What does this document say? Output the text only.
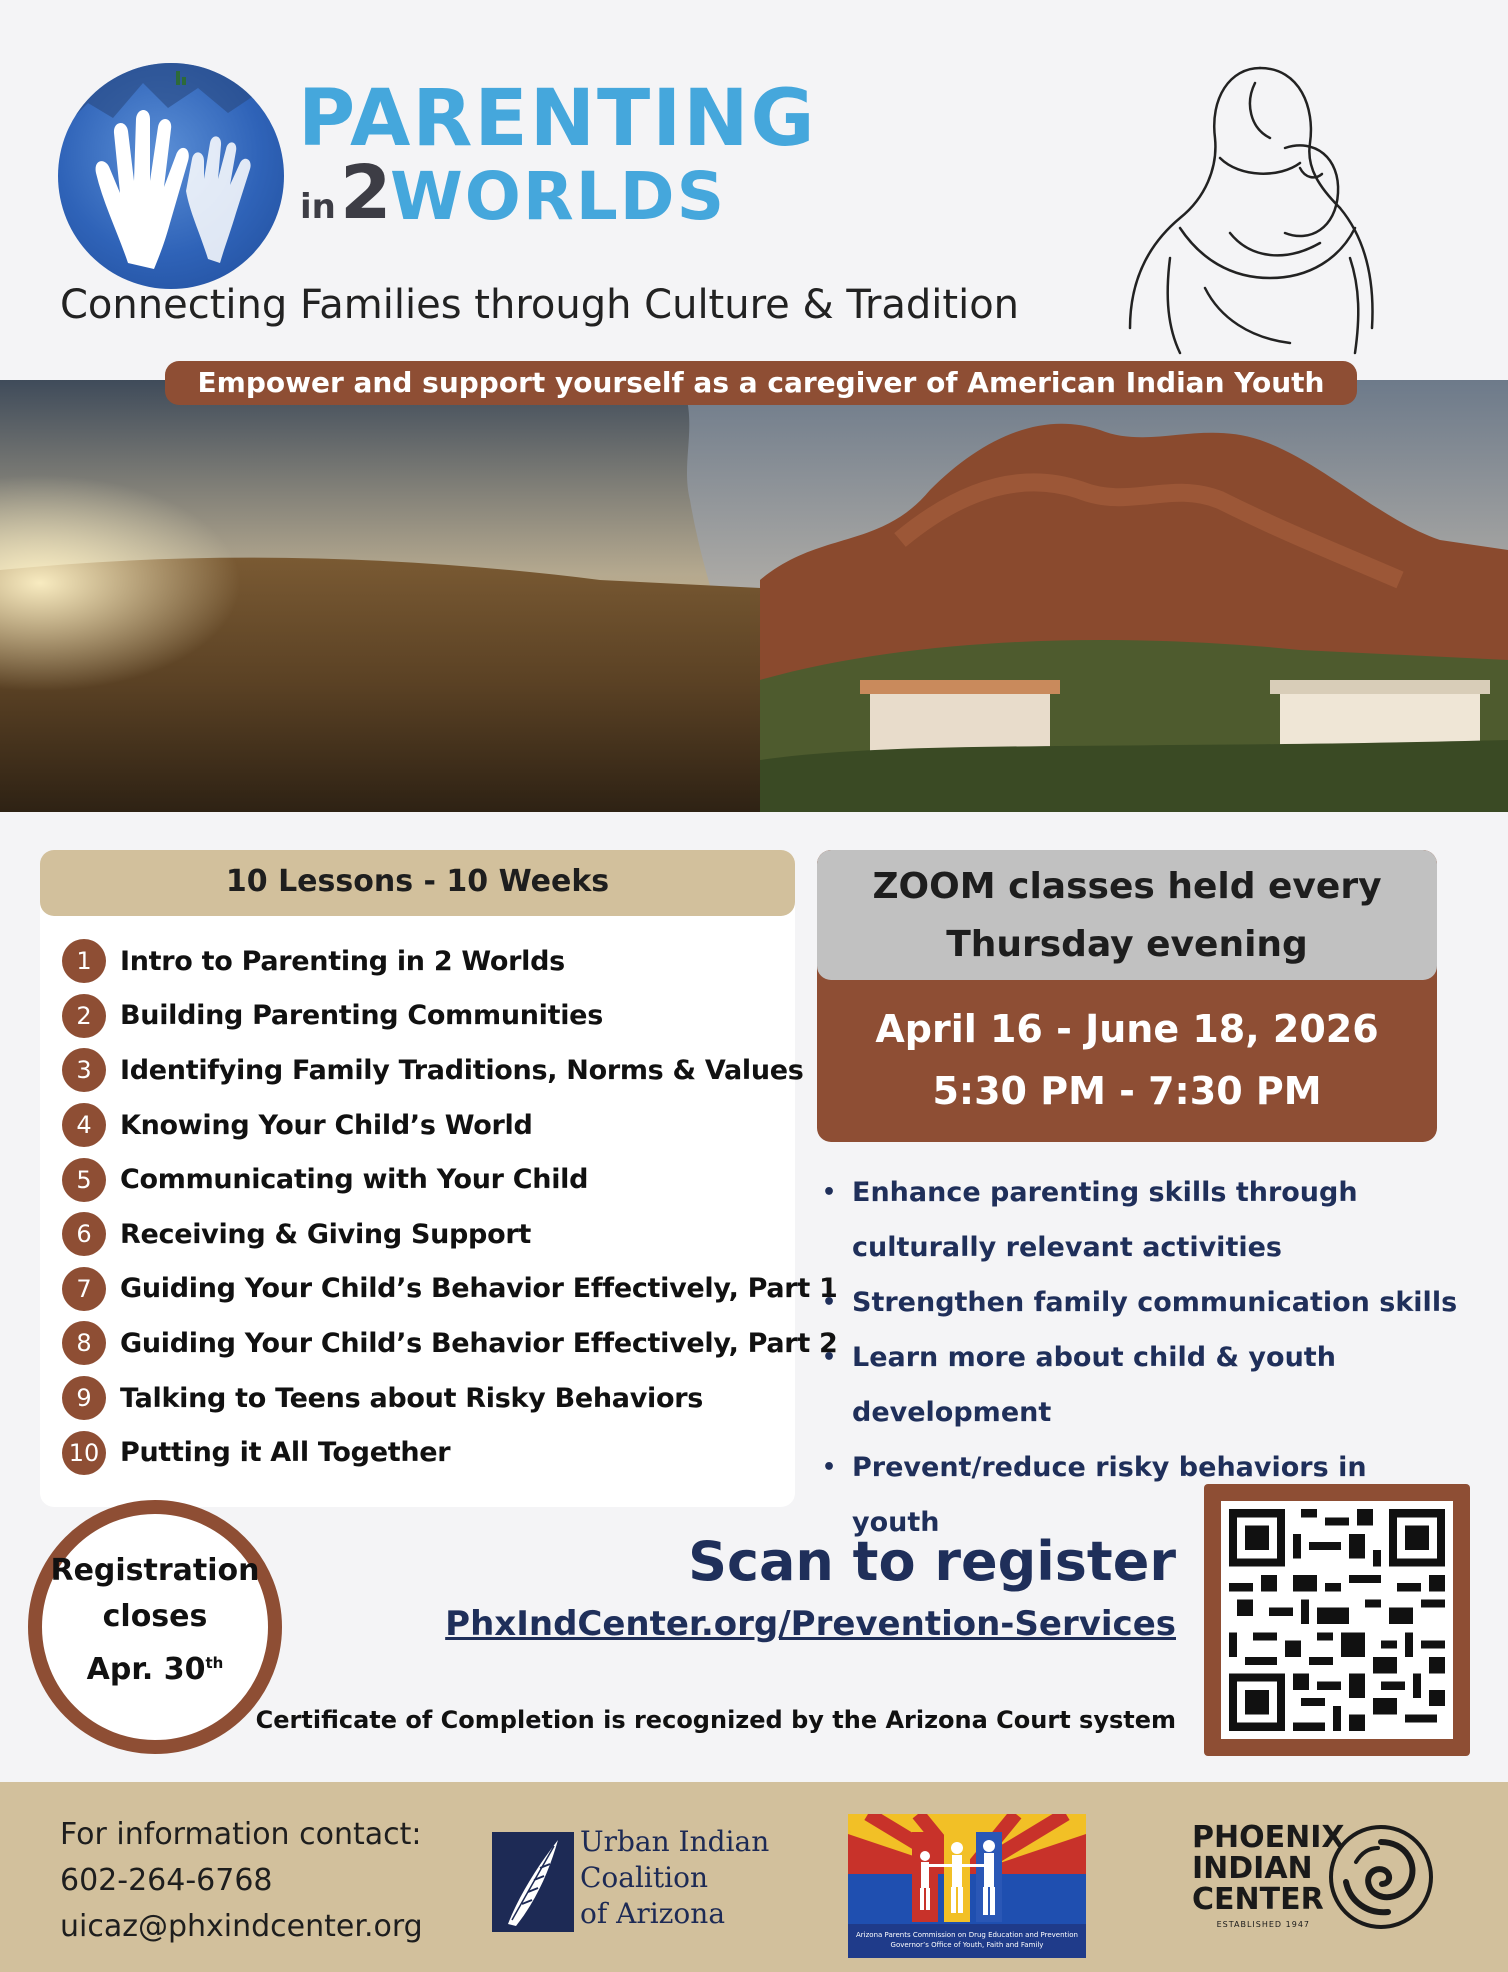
PARENTING
in 2
WORLDS
Connecting Families through Culture & Tradition
Empower and support yourself as a caregiver of American Indian Youth
10 Lessons - 10 Weeks
1	Intro to Parenting in 2 Worlds
2	Building Parenting Communities
3	Identifying Family Traditions, Norms & Values
4	Knowing Your Child’s World
5	Communicating with Your Child
6	Receiving & Giving Support
7	Guiding Your Child’s Behavior Effectively, Part 1
8	Guiding Your Child’s Behavior Effectively, Part 2
9	Talking to Teens about Risky Behaviors
10 Putting it All Together
ZOOM classes held every
Thursday evening
April 16 - June 18, 2026
5:30 PM - 7:30 PM
• Enhance parenting skills through culturally relevant activities
• Strengthen family communication skills
• Learn more about child & youth development
• Prevent/reduce risky behaviors in youth
Registration
closes
Apr. 30th
Scan to register
PhxIndCenter.org/Prevention-Services
Certificate of Completion is recognized by the Arizona Court system
For information contact:
602-264-6768
uicaz@phxindcenter.org
Urban Indian
Coalition
of Arizona
Arizona Parents Commission on Drug Education and Prevention
Governor’s Office of Youth, Faith and Family
PHOENIX
INDIAN
CENTER
ESTABLISHED 1947
